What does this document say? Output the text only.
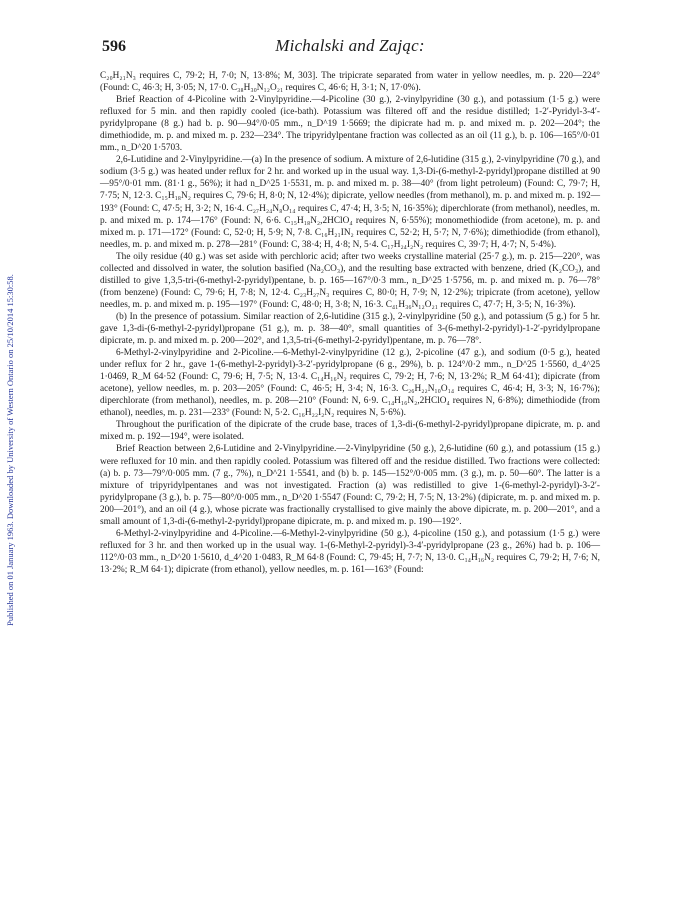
Published on 01 January 1963. Downloaded by University of Western Ontario on 25/10/2014 15:30:58.
596	Michalski and Zając:

C₂₀H₂₁N₃ requires C, 79·2; H, 7·0; N, 13·8%; M, 303]. The tripicrate separated from water in yellow needles, m. p. 220—224° (Found: C, 46·3; H, 3·05; N, 17·0. C₃₈H₃₀N₁₂O₂₁ requires C, 46·6; H, 3·1; N, 17·0%).

Brief Reaction of 4-Picoline with 2-Vinylpyridine.—4-Picoline (30 g.), 2-vinylpyridine (30 g.), and potassium (1·5 g.) were refluxed for 5 min. and then rapidly cooled (ice-bath). Potassium was filtered off and the residue distilled; 1-2′-Pyridyl-3-4′-pyridylpropane (8 g.) had b. p. 90—94°/0·05 mm., n_D^19 1·5669; the dipicrate had m. p. and mixed m. p. 202—204°; the dimethiodide, m. p. and mixed m. p. 232—234°. The tripyridylpentane fraction was collected as an oil (11 g.), b. p. 106—165°/0·01 mm., n_D^20 1·5703.

2,6-Lutidine and 2-Vinylpyridine.—(a) In the presence of sodium. A mixture of 2,6-lutidine (315 g.), 2-vinylpyridine (70 g.), and sodium (3·5 g.) was heated under reflux for 2 hr. and worked up in the usual way. 1,3-Di-(6-methyl-2-pyridyl)propane distilled at 90—95°/0·01 mm. (81·1 g., 56%); it had n_D^25 1·5531, m. p. and mixed m. p. 38—40° (from light petroleum) (Found: C, 79·7; H, 7·75; N, 12·3. C₁₅H₁₈N₂ requires C, 79·6; H, 8·0; N, 12·4%); dipicrate, yellow needles (from methanol), m. p. and mixed m. p. 192—193° (Found: C, 47·5; H, 3·2; N, 16·4. C₂₇H₂₄N₈O₁₄ requires C, 47·4; H, 3·5; N, 16·35%); diperchlorate (from methanol), needles, m. p. and mixed m. p. 174—176° (Found: N, 6·6. C₁₅H₁₈N₂,2HClO₄ requires N, 6·55%); monomethiodide (from acetone), m. p. and mixed m. p. 171—172° (Found: C, 52·0; H, 5·9; N, 7·8. C₁₆H₂₁IN₂ requires C, 52·2; H, 5·7; N, 7·6%); dimethiodide (from ethanol), needles, m. p. and mixed m. p. 278—281° (Found: C, 38·4; H, 4·8; N, 5·4. C₁₇H₂₄I₂N₂ requires C, 39·7; H, 4·7; N, 5·4%).

The oily residue (40 g.) was set aside with perchloric acid; after two weeks crystalline material (25·7 g.), m. p. 215—220°, was collected and dissolved in water, the solution basified (Na₂CO₃), and the resulting base extracted with benzene, dried (K₂CO₃), and distilled to give 1,3,5-tri-(6-methyl-2-pyridyl)pentane, b. p. 165—167°/0·3 mm., n_D^25 1·5756, m. p. and mixed m. p. 76—78° (from benzene) (Found: C, 79·6; H, 7·8; N, 12·4. C₂₃H₂₇N₃ requires C, 80·0; H, 7·9; N, 12·2%); tripicrate (from acetone), yellow needles, m. p. and mixed m. p. 195—197° (Found: C, 48·0; H, 3·8; N, 16·3. C₄₁H₃₆N₁₂O₂₁ requires C, 47·7; H, 3·5; N, 16·3%).

(b) In the presence of potassium. Similar reaction of 2,6-lutidine (315 g.), 2-vinylpyridine (50 g.), and potassium (5 g.) for 5 hr. gave 1,3-di-(6-methyl-2-pyridyl)propane (51 g.), m. p. 38—40°, small quantities of 3-(6-methyl-2-pyridyl)-1-2′-pyridylpropane dipicrate, m. p. and mixed m. p. 200—202°, and 1,3,5-tri-(6-methyl-2-pyridyl)pentane, m. p. 76—78°.

6-Methyl-2-vinylpyridine and 2-Picoline.—6-Methyl-2-vinylpyridine (12 g.), 2-picoline (47 g.), and sodium (0·5 g.), heated under reflux for 2 hr., gave 1-(6-methyl-2-pyridyl)-3-2′-pyridylpropane (6 g., 29%), b. p. 124°/0·2 mm., n_D^25 1·5560, d_4^25 1·0469, R_M 64·52 (Found: C, 79·6; H, 7·5; N, 13·4. C₁₄H₁₆N₂ requires C, 79·2; H, 7·6; N, 13·2%; R_M 64·41); dipicrate (from acetone), yellow needles, m. p. 203—205° (Found: C, 46·5; H, 3·4; N, 16·3. C₂₆H₂₂N₁₀O₁₄ requires C, 46·4; H, 3·3; N, 16·7%); diperchlorate (from methanol), needles, m. p. 208—210° (Found: N, 6·9. C₁₄H₁₆N₂,2HClO₄ requires N, 6·8%); dimethiodide (from ethanol), needles, m. p. 231—233° (Found: N, 5·2. C₁₆H₂₂I₂N₂ requires N, 5·6%).

Throughout the purification of the dipicrate of the crude base, traces of 1,3-di-(6-methyl-2-pyridyl)propane dipicrate, m. p. and mixed m. p. 192—194°, were isolated.

Brief Reaction between 2,6-Lutidine and 2-Vinylpyridine.—2-Vinylpyridine (50 g.), 2,6-lutidine (60 g.), and potassium (15 g.) were refluxed for 10 min. and then rapidly cooled. Potassium was filtered off and the residue distilled. Two fractions were collected: (a) b. p. 73—79°/0·005 mm. (7 g., 7%), n_D^21 1·5541, and (b) b. p. 145—152°/0·005 mm. (3 g.), m. p. 50—60°. The latter is a mixture of tripyridylpentanes and was not investigated. Fraction (a) was redistilled to give 1-(6-methyl-2-pyridyl)-3-2′-pyridylpropane (3 g.), b. p. 75—80°/0·005 mm., n_D^20 1·5547 (Found: C, 79·2; H, 7·5; N, 13·2%) (dipicrate, m. p. and mixed m. p. 200—201°), and an oil (4 g.), whose picrate was fractionally crystallised to give mainly the above dipicrate, m. p. 200—201°, and a small amount of 1,3-di-(6-methyl-2-pyridyl)propane dipicrate, m. p. and mixed m. p. 190—192°.

6-Methyl-2-vinylpyridine and 4-Picoline.—6-Methyl-2-vinylpyridine (50 g.), 4-picoline (150 g.), and potassium (1·5 g.) were refluxed for 3 hr. and then worked up in the usual way. 1-(6-Methyl-2-pyridyl)-3-4′-pyridylpropane (23 g., 26%) had b. p. 106—112°/0·03 mm., n_D^20 1·5610, d_4^20 1·0483, R_M 64·8 (Found: C, 79·45; H, 7·7; N, 13·0. C₁₄H₁₆N₂ requires C, 79·2; H, 7·6; N, 13·2%; R_M 64·1); dipicrate (from ethanol), yellow needles, m. p. 161—163° (Found:
